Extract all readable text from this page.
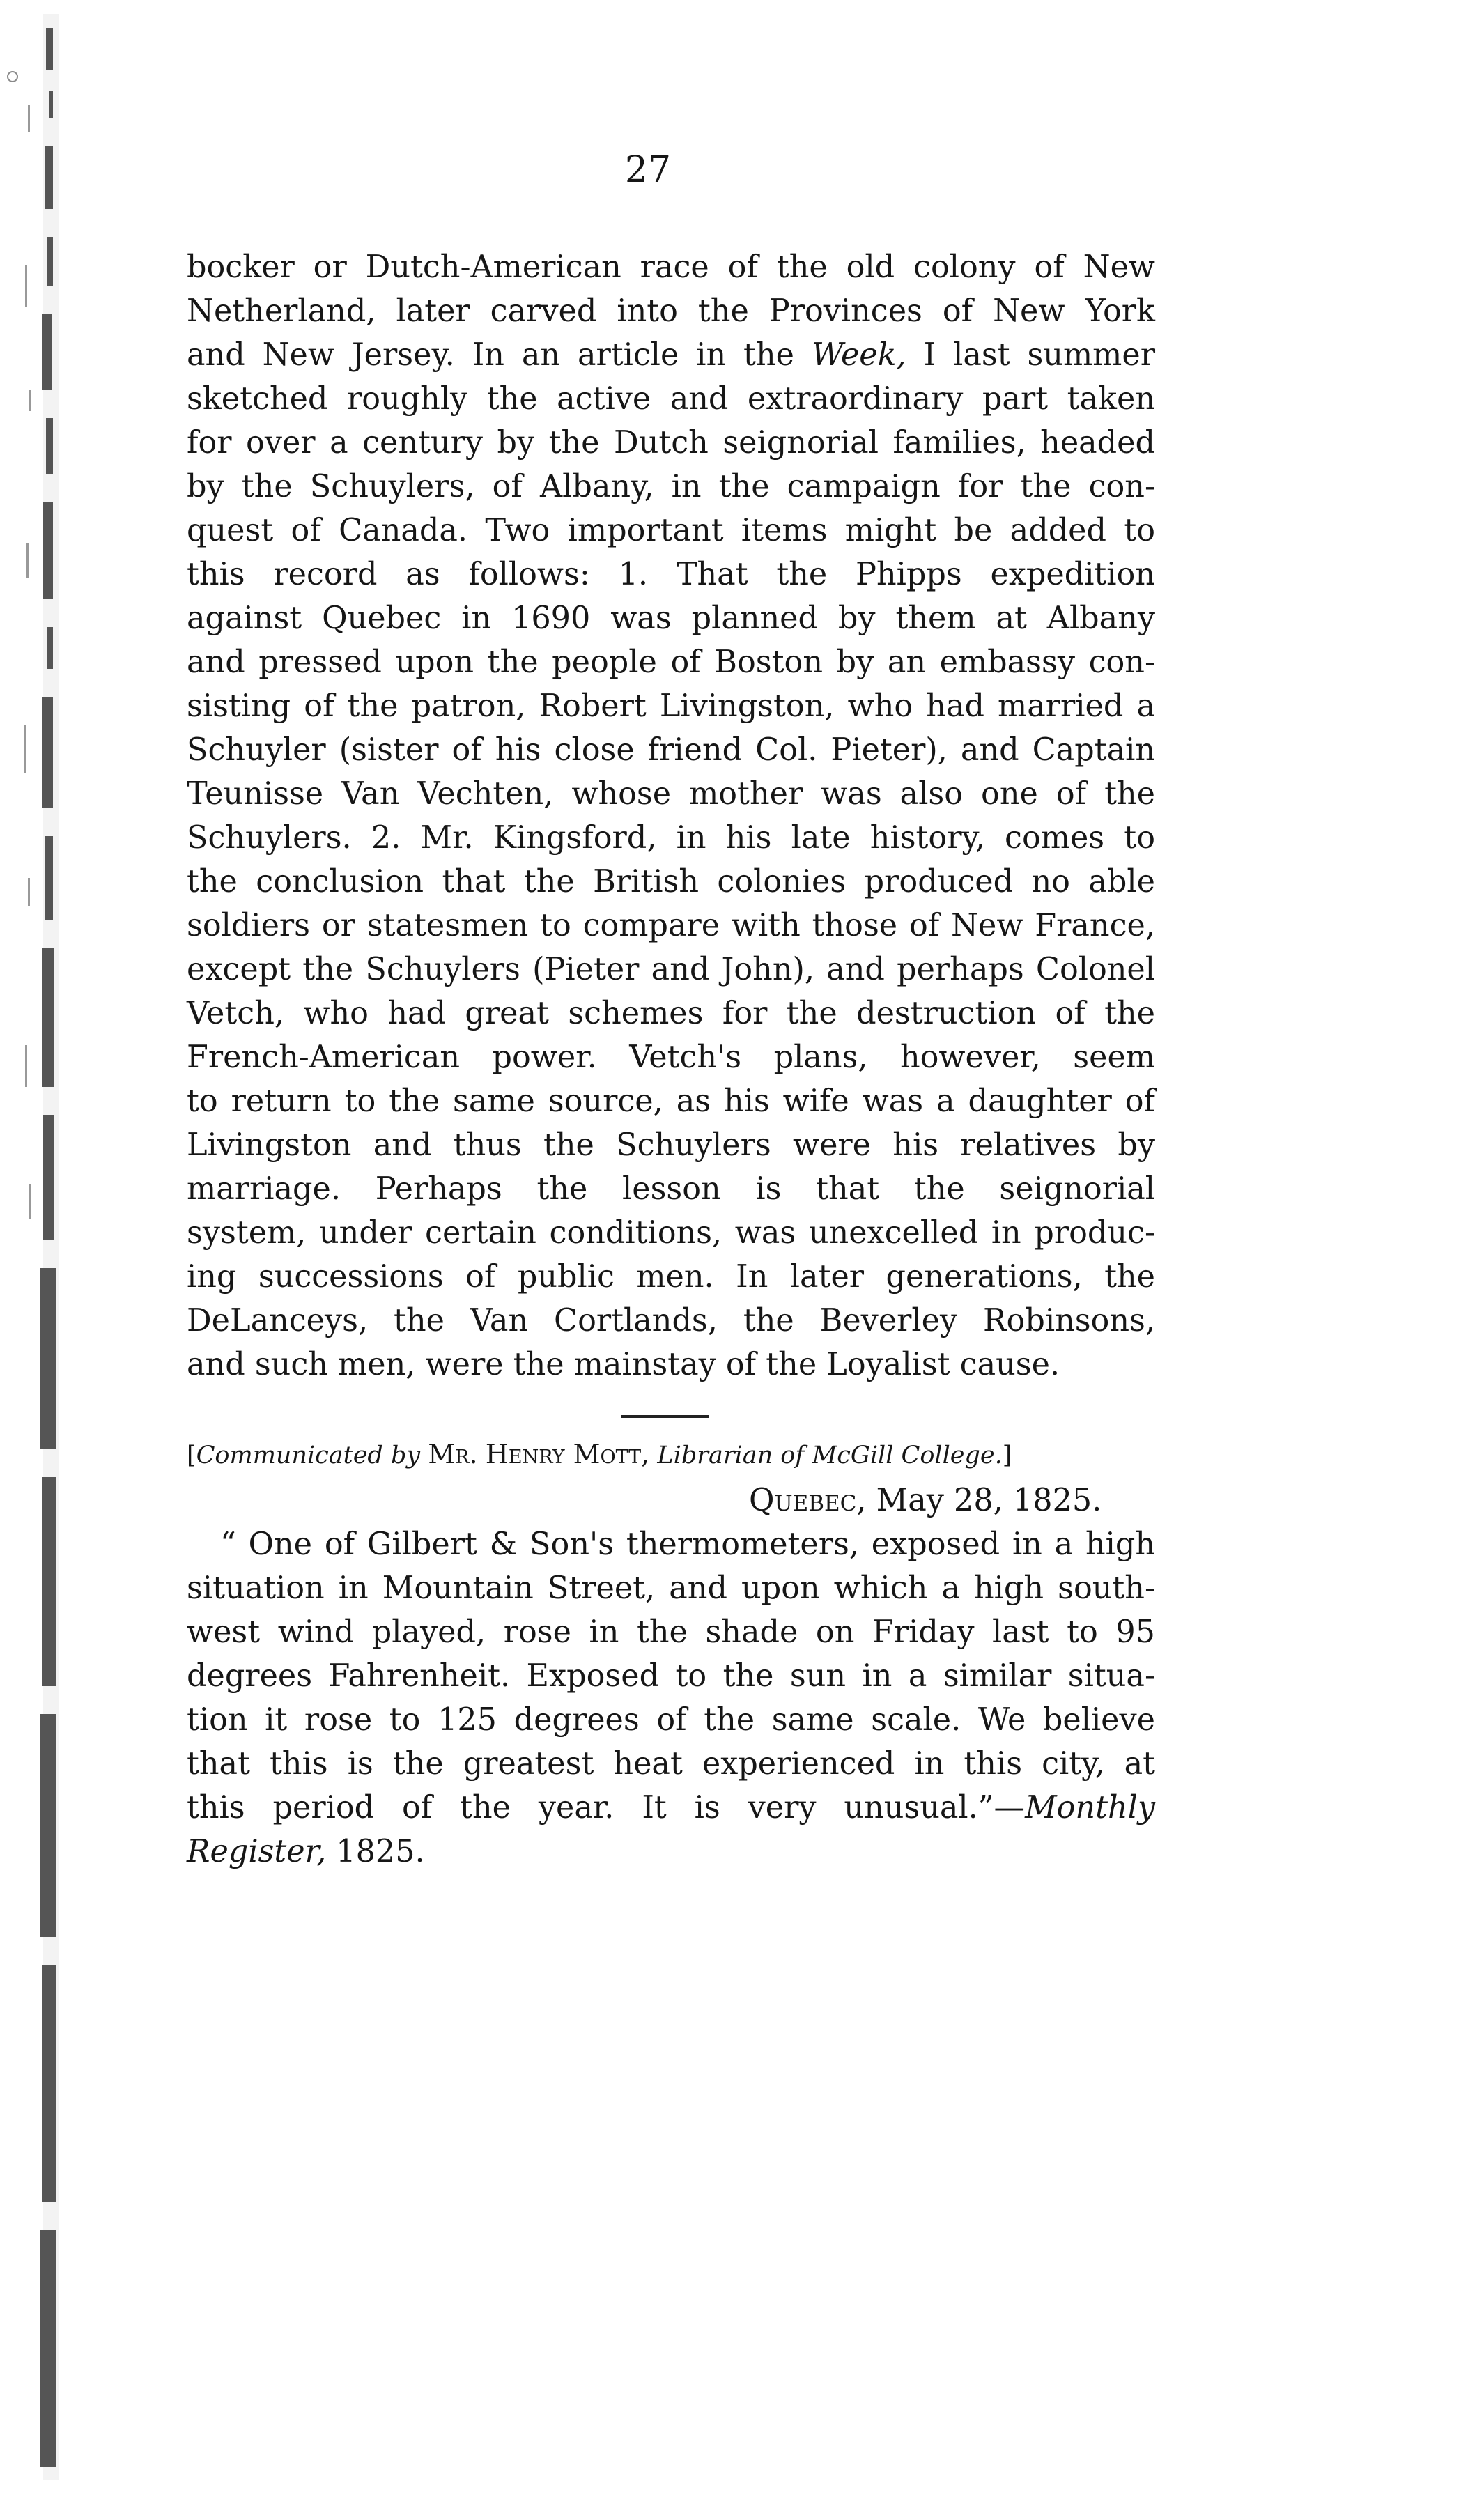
27
bocker or Dutch-American race of the old colony of New
Netherland, later carved into the Provinces of New York
and New Jersey. In an article in the Week, I last summer
sketched roughly the active and extraordinary part taken
for over a century by the Dutch seignorial families, headed
by the Schuylers, of Albany, in the campaign for the con-
quest of Canada. Two important items might be added to
this record as follows: 1. That the Phipps expedition
against Quebec in 1690 was planned by them at Albany
and pressed upon the people of Boston by an embassy con-
sisting of the patron, Robert Livingston, who had married a
Schuyler (sister of his close friend Col. Pieter), and Captain
Teunisse Van Vechten, whose mother was also one of the
Schuylers. 2. Mr. Kingsford, in his late history, comes to
the conclusion that the British colonies produced no able
soldiers or statesmen to compare with those of New France,
except the Schuylers (Pieter and John), and perhaps Colonel
Vetch, who had great schemes for the destruction of the
French-American power. Vetch's plans, however, seem
to return to the same source, as his wife was a daughter of
Livingston and thus the Schuylers were his relatives by
marriage. Perhaps the lesson is that the seignorial
system, under certain conditions, was unexcelled in produc-
ing successions of public men. In later generations, the
DeLanceys, the Van Cortlands, the Beverley Robinsons,
and such men, were the mainstay of the Loyalist cause.
[Communicated by Mr. Henry Mott, Librarian of McGill College.]
Quebec, May 28, 1825.
“ One of Gilbert & Son's thermometers, exposed in a high
situation in Mountain Street, and upon which a high south-
west wind played, rose in the shade on Friday last to 95
degrees Fahrenheit. Exposed to the sun in a similar situa-
tion it rose to 125 degrees of the same scale. We believe
that this is the greatest heat experienced in this city, at
this period of the year. It is very unusual.”—Monthly
Register, 1825.
